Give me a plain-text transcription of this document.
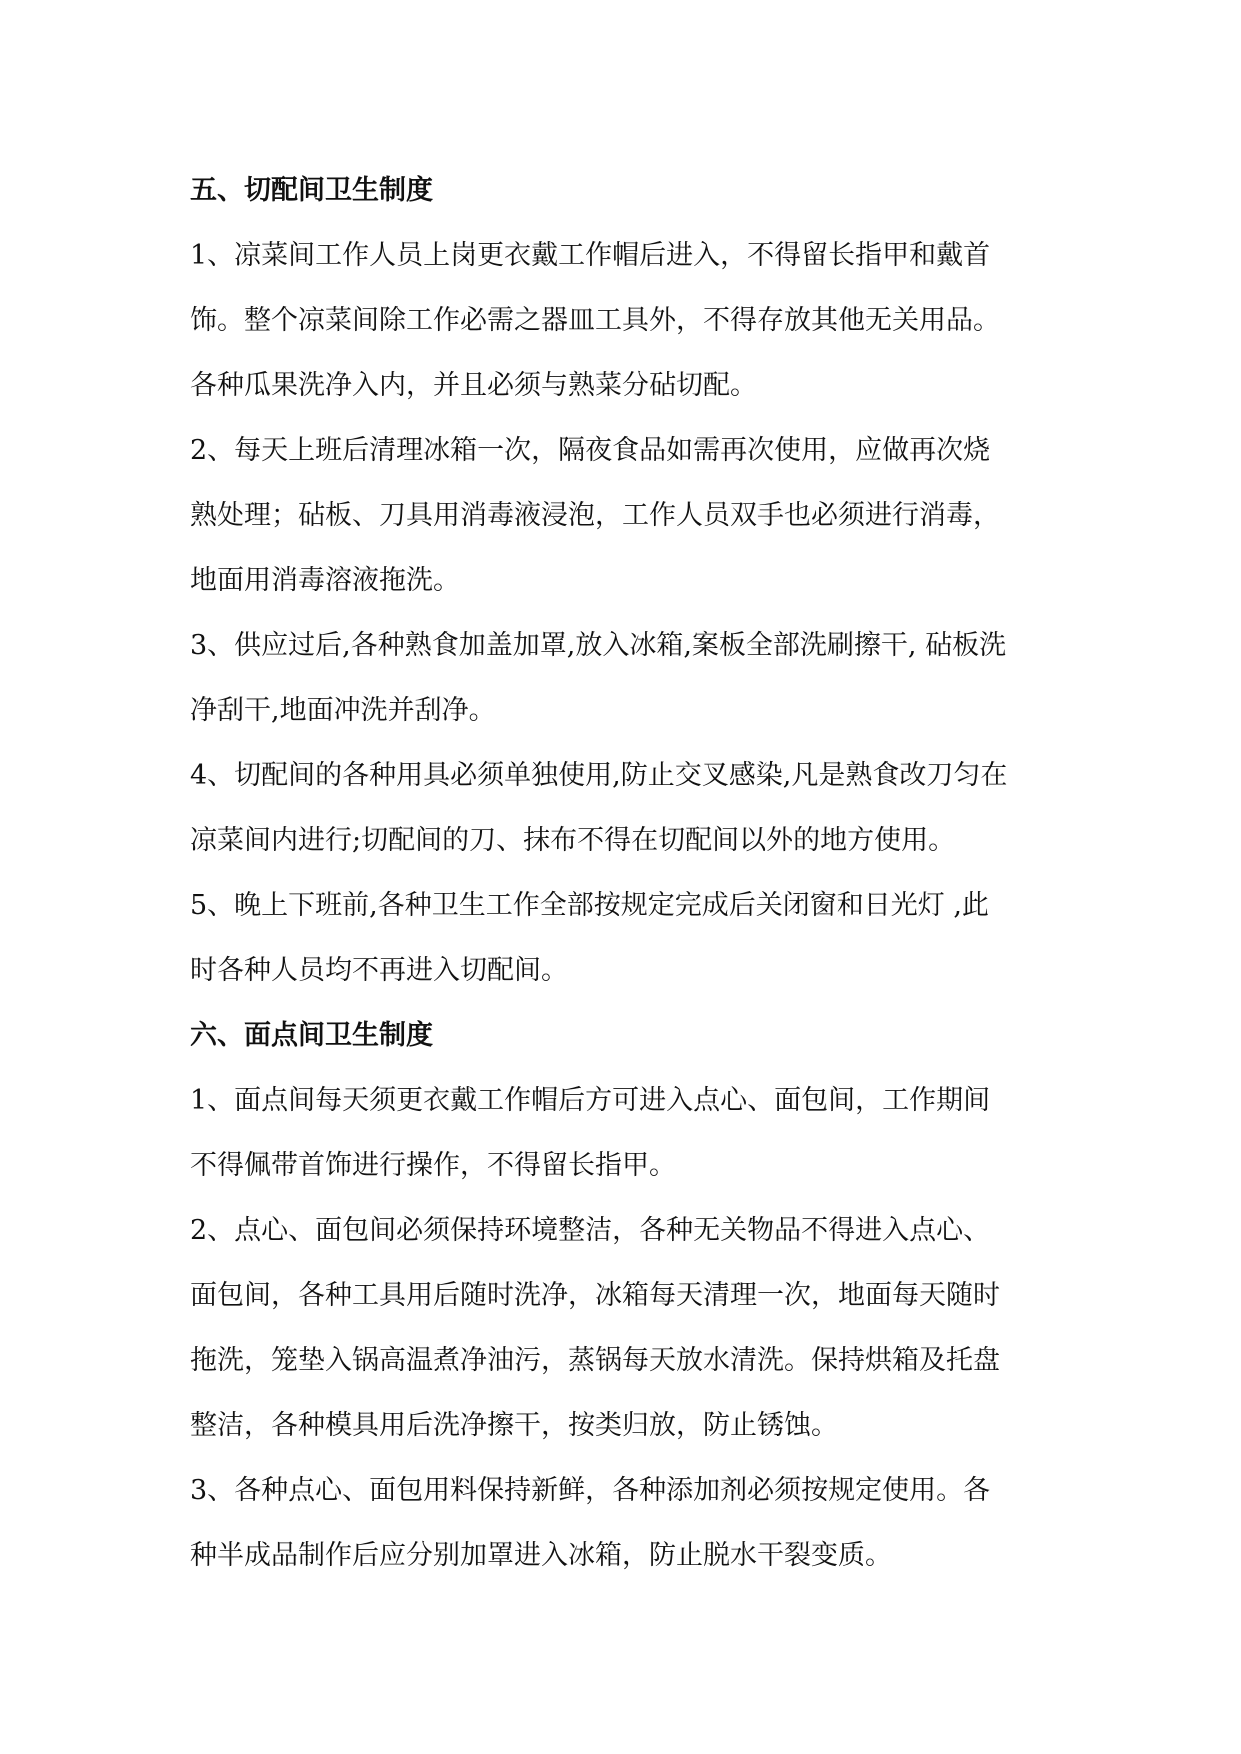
五、切配间卫生制度

1、凉菜间工作人员上岗更衣戴工作帽后进入，不得留长指甲和戴首
饰。整个凉菜间除工作必需之器皿工具外，不得存放其他无关用品。
各种瓜果洗净入内，并且必须与熟菜分砧切配。

2、每天上班后清理冰箱一次，隔夜食品如需再次使用，应做再次烧
熟处理；砧板、刀具用消毒液浸泡，工作人员双手也必须进行消毒，
地面用消毒溶液拖洗。

3、供应过后,各种熟食加盖加罩,放入冰箱,案板全部洗刷擦干, 砧板洗
净刮干,地面冲洗并刮净。

4、切配间的各种用具必须单独使用,防止交叉感染,凡是熟食改刀匀在
凉菜间内进行;切配间的刀、抹布不得在切配间以外的地方使用。

5、晚上下班前,各种卫生工作全部按规定完成后关闭窗和日光灯 ,此
时各种人员均不再进入切配间。

六、面点间卫生制度

1、面点间每天须更衣戴工作帽后方可进入点心、面包间，工作期间
不得佩带首饰进行操作，不得留长指甲。

2、点心、面包间必须保持环境整洁，各种无关物品不得进入点心、
面包间，各种工具用后随时洗净，冰箱每天清理一次，地面每天随时
拖洗，笼垫入锅高温煮净油污，蒸锅每天放水清洗。保持烘箱及托盘
整洁，各种模具用后洗净擦干，按类归放，防止锈蚀。

3、各种点心、面包用料保持新鲜，各种添加剂必须按规定使用。各
种半成品制作后应分别加罩进入冰箱，防止脱水干裂变质。
